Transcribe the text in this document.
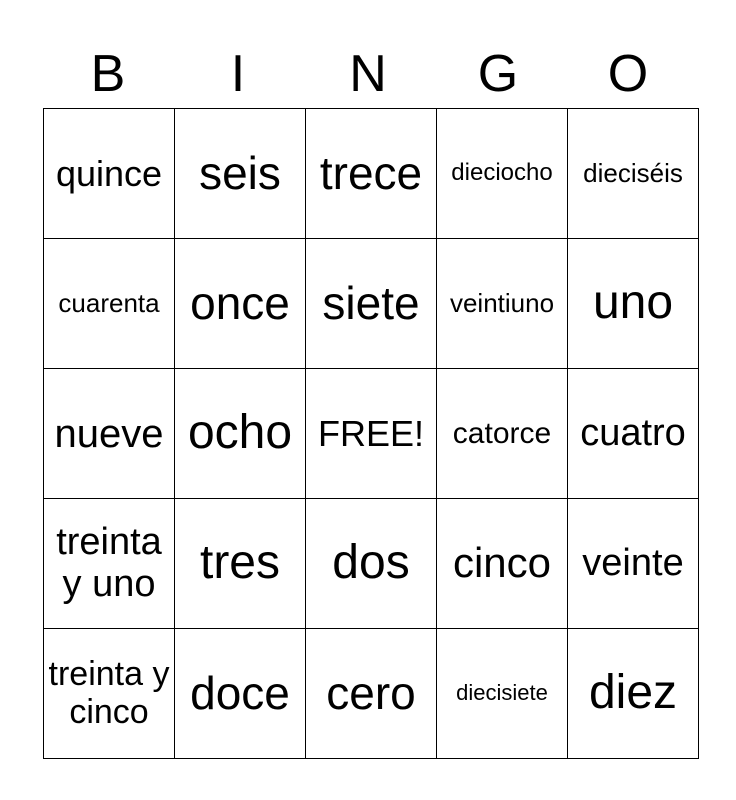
B	I	N	G	O
quince	seis	trece	dieciocho	dieciséis
cuarenta	once	siete	veintiuno	uno
nueve	ocho	FREE!	catorce	cuatro
treinta y uno	tres	dos	cinco	veinte
treinta y cinco	doce	cero	diecisiete	diez
